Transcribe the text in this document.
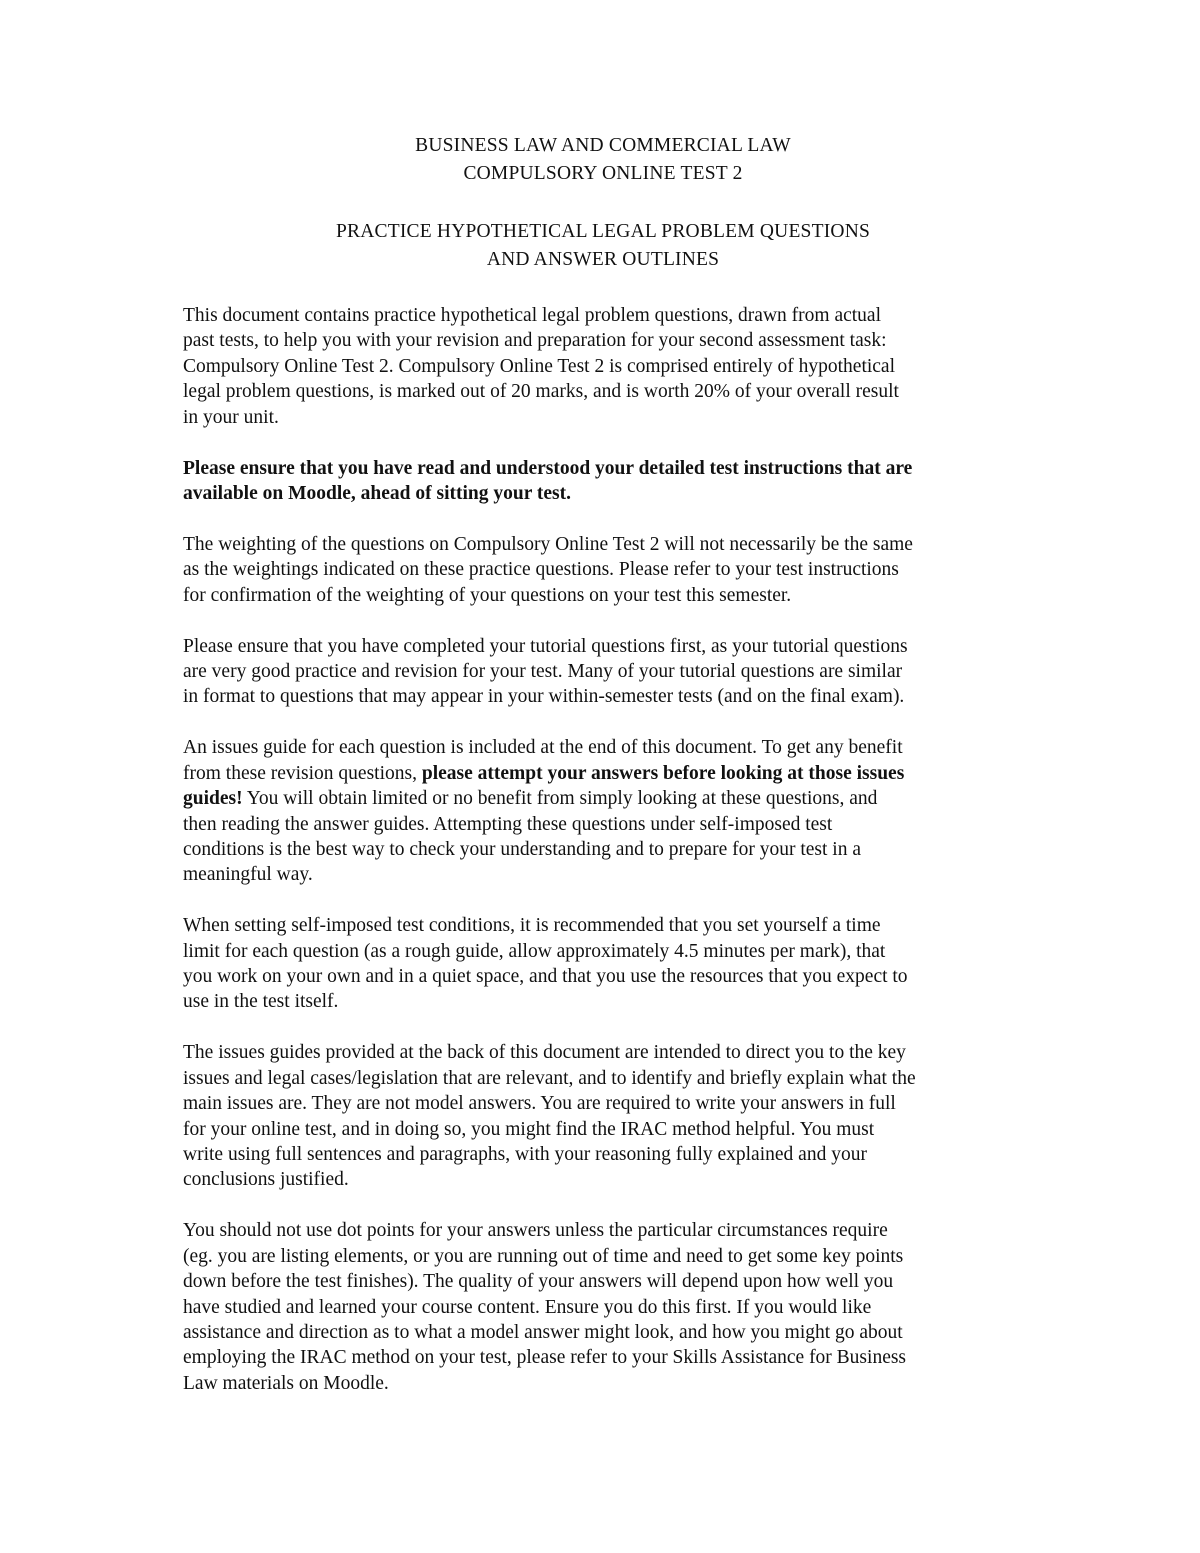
BUSINESS LAW AND COMMERCIAL LAW
COMPULSORY ONLINE TEST 2
PRACTICE HYPOTHETICAL LEGAL PROBLEM QUESTIONS
AND ANSWER OUTLINES
This document contains practice hypothetical legal problem questions, drawn from actual
past tests, to help you with your revision and preparation for your second assessment task:
Compulsory Online Test 2. Compulsory Online Test 2 is comprised entirely of hypothetical
legal problem questions, is marked out of 20 marks, and is worth 20% of your overall result
in your unit.
Please ensure that you have read and understood your detailed test instructions that are
available on Moodle, ahead of sitting your test.
The weighting of the questions on Compulsory Online Test 2 will not necessarily be the same
as the weightings indicated on these practice questions. Please refer to your test instructions
for confirmation of the weighting of your questions on your test this semester.
Please ensure that you have completed your tutorial questions first, as your tutorial questions
are very good practice and revision for your test. Many of your tutorial questions are similar
in format to questions that may appear in your within-semester tests (and on the final exam).
An issues guide for each question is included at the end of this document. To get any benefit
from these revision questions, please attempt your answers before looking at those issues
guides! You will obtain limited or no benefit from simply looking at these questions, and
then reading the answer guides. Attempting these questions under self-imposed test
conditions is the best way to check your understanding and to prepare for your test in a
meaningful way.
When setting self-imposed test conditions, it is recommended that you set yourself a time
limit for each question (as a rough guide, allow approximately 4.5 minutes per mark), that
you work on your own and in a quiet space, and that you use the resources that you expect to
use in the test itself.
The issues guides provided at the back of this document are intended to direct you to the key
issues and legal cases/legislation that are relevant, and to identify and briefly explain what the
main issues are. They are not model answers. You are required to write your answers in full
for your online test, and in doing so, you might find the IRAC method helpful. You must
write using full sentences and paragraphs, with your reasoning fully explained and your
conclusions justified.
You should not use dot points for your answers unless the particular circumstances require
(eg. you are listing elements, or you are running out of time and need to get some key points
down before the test finishes). The quality of your answers will depend upon how well you
have studied and learned your course content. Ensure you do this first. If you would like
assistance and direction as to what a model answer might look, and how you might go about
employing the IRAC method on your test, please refer to your Skills Assistance for Business
Law materials on Moodle.
